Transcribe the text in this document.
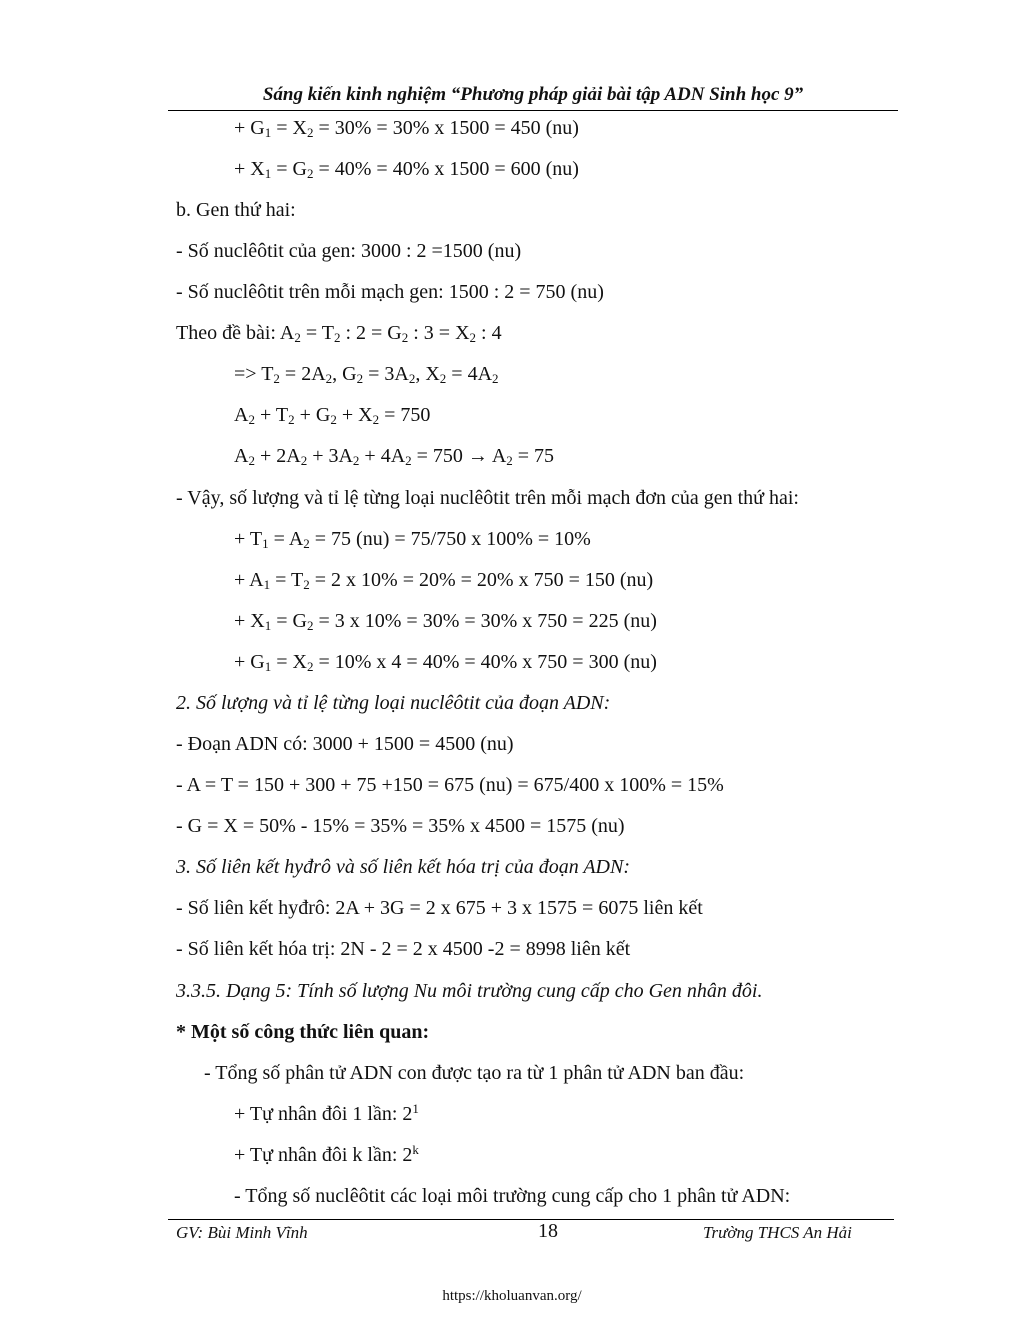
Sáng kiến kinh nghiệm “Phương pháp giải bài tập ADN Sinh học 9”
+ $G_1 = X_2 = 30\% = 30\%$ x 1500 = 450 (nu)
+ $X_1 = G_2 = 40\% = 40\%$ x 1500 = 600 (nu)
b. Gen thứ hai:
- Số nuclêôtit của gen: 3000 : 2 =1500 (nu)
- Số nuclêôtit trên mỗi mạch gen: 1500 : 2 = 750 (nu)
Theo đề bài: $A_2 = T_2$ : $2 = G_2$ : $3 = X_2$ : 4
=> $T_2 = 2A_2$, $G_2 = 3A_2$, $X_2 = 4A_2$
$A_2 + T_2 + G_2 + X_2 = 750$
$A_2 + 2A_2 + 3A_2 + 4A_2 = 750 \to A_2 = 75$
- Vậy, số lượng và tỉ lệ từng loại nuclêôtit trên mỗi mạch đơn của gen thứ hai:
+ $T_1 = A_2 = 75$ (nu) = 75/750 x 100% = 10%
+ $A_1 = T_2 = 2$ x 10% = 20% = 20% x 750 = 150 (nu)
+ $X_1 = G_2 = 3$ x 10% = 30% = 30% x 750 = 225 (nu)
+ $G_1 = X_2 = 10\%$ x 4 = 40% = 40% x 750 = 300 (nu)
2. Số lượng và tỉ lệ từng loại nuclêôtit của đoạn ADN:
- Đoạn ADN có: 3000 + 1500 = 4500 (nu)
- A = T = 150 + 300 + 75 +150 = 675 (nu) = 675/400 x 100% = 15%
- G = X = 50% - 15% = 35% = 35% x 4500 = 1575 (nu)
3. Số liên kết hyđrô và số liên kết hóa trị của đoạn ADN:
- Số liên kết hyđrô: 2A + 3G = 2 x 675 + 3 x 1575 = 6075 liên kết
- Số liên kết hóa trị: 2N - 2 = 2 x 4500 -2 = 8998 liên kết
3.3.5. Dạng 5: Tính số lượng Nu môi trường cung cấp cho Gen nhân đôi.
* Một số công thức liên quan:
- Tổng số phân tử ADN con được tạo ra từ 1 phân tử ADN ban đầu:
+ Tự nhân đôi 1 lần: $2^1$
+ Tự nhân đôi k lần: 2$^k$
- Tổng số nuclêôtit các loại môi trường cung cấp cho 1 phân tử ADN:
GV: Bùi Minh Vĩnh	18	Trường THCS An Hải
https://kholuanvan.org/
